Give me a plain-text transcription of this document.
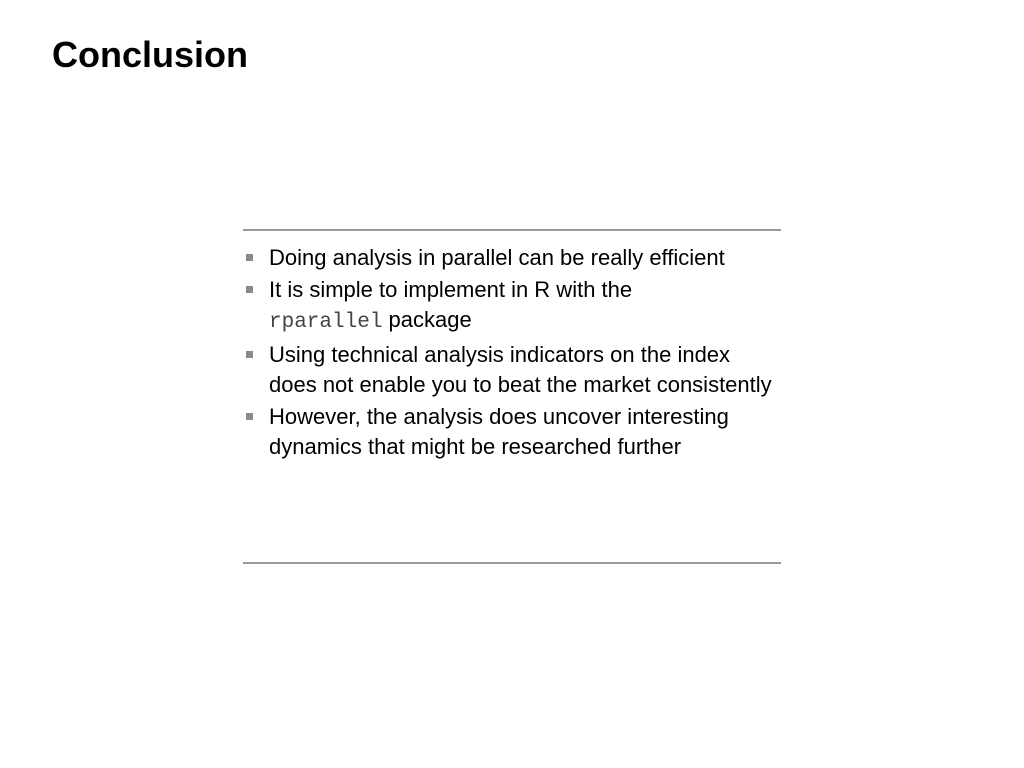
Conclusion
Doing analysis in parallel can be really efficient
It is simple to implement in R with the
rparallel package
Using technical analysis indicators on the index does not enable you to beat the market consistently
However, the analysis does uncover interesting dynamics that might be researched further
